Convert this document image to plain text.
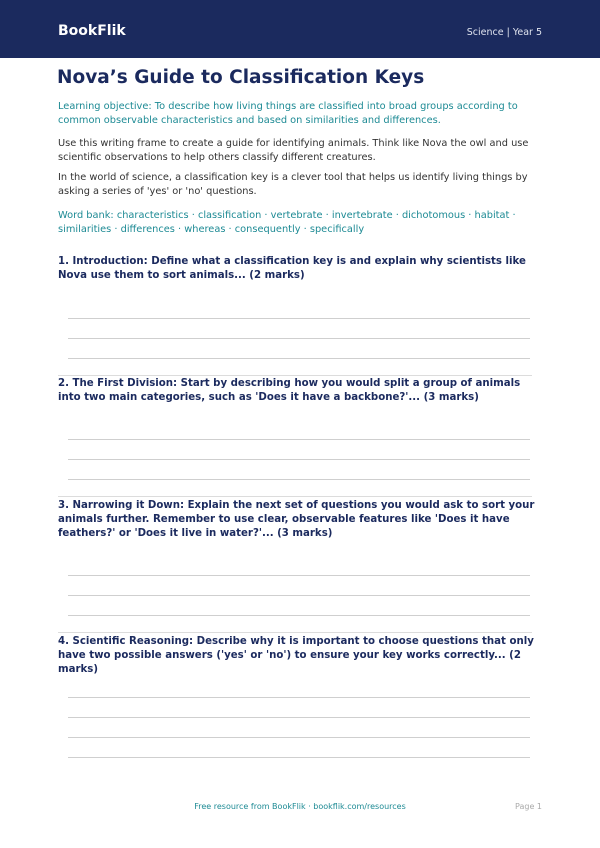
BookFlik	Science | Year 5
Nova’s Guide to Classification Keys

Learning objective: To describe how living things are classified into broad groups according to common observable characteristics and based on similarities and differences.

Use this writing frame to create a guide for identifying animals. Think like Nova the owl and use scientific observations to help others classify different creatures.

In the world of science, a classification key is a clever tool that helps us identify living things by asking a series of 'yes' or 'no' questions.

Word bank: characteristics · classification · vertebrate · invertebrate · dichotomous · habitat · similarities · differences · whereas · consequently · specifically

1. Introduction: Define what a classification key is and explain why scientists like Nova use them to sort animals... (2 marks)

2. The First Division: Start by describing how you would split a group of animals into two main categories, such as 'Does it have a backbone?'... (3 marks)

3. Narrowing it Down: Explain the next set of questions you would ask to sort your animals further. Remember to use clear, observable features like 'Does it have feathers?' or 'Does it live in water?'... (3 marks)

4. Scientific Reasoning: Describe why it is important to choose questions that only have two possible answers ('yes' or 'no') to ensure your key works correctly... (2 marks)

Free resource from BookFlik · bookflik.com/resources	Page 1
